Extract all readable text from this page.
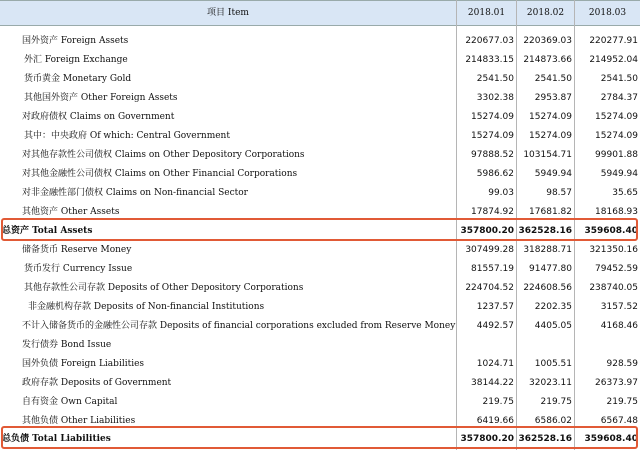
项目 Item	2018.01	2018.02	2018.03
国外资产 Foreign Assets	220677.03	220369.03	220277.91
外汇 Foreign Exchange	214833.15	214873.66	214952.04
货币黄金 Monetary Gold	2541.50	2541.50	2541.50
其他国外资产 Other Foreign Assets	3302.38	2953.87	2784.37
对政府债权 Claims on Government	15274.09	15274.09	15274.09
其中：中央政府 Of which: Central Government	15274.09	15274.09	15274.09
对其他存款性公司债权 Claims on Other Depository Corporations	97888.52	103154.71	99901.88
对其他金融性公司债权 Claims on Other Financial Corporations	5986.62	5949.94	5949.94
对非金融性部门债权 Claims on Non-financial Sector	99.03	98.57	35.65
其他资产 Other Assets	17874.92	17681.82	18168.93
总资产 Total Assets	357800.20 362528.16	359608.40
储备货币 Reserve Money	307499.28	318288.71	321350.16
货币发行 Currency Issue	81557.19	91477.80	79452.59
其他存款性公司存款 Deposits of Other Depository Corporations	224704.52	224608.56	238740.05
非金融机构存款 Deposits of Non-financial Institutions	1237.57	2202.35	3157.52
不计入储备货币的金融性公司存款 Deposits of financial corporations excluded from Reserve Money	4492.57	4405.05	4168.46
发行债券 Bond Issue
国外负债 Foreign Liabilities	1024.71	1005.51	928.59
政府存款 Deposits of Government	38144.22	32023.11	26373.97
自有资金 Own Capital	219.75	219.75	219.75
其他负债 Other Liabilities	6419.66	6586.02	6567.48
总负债 Total Liabilities	357800.20 362528.16	359608.40
